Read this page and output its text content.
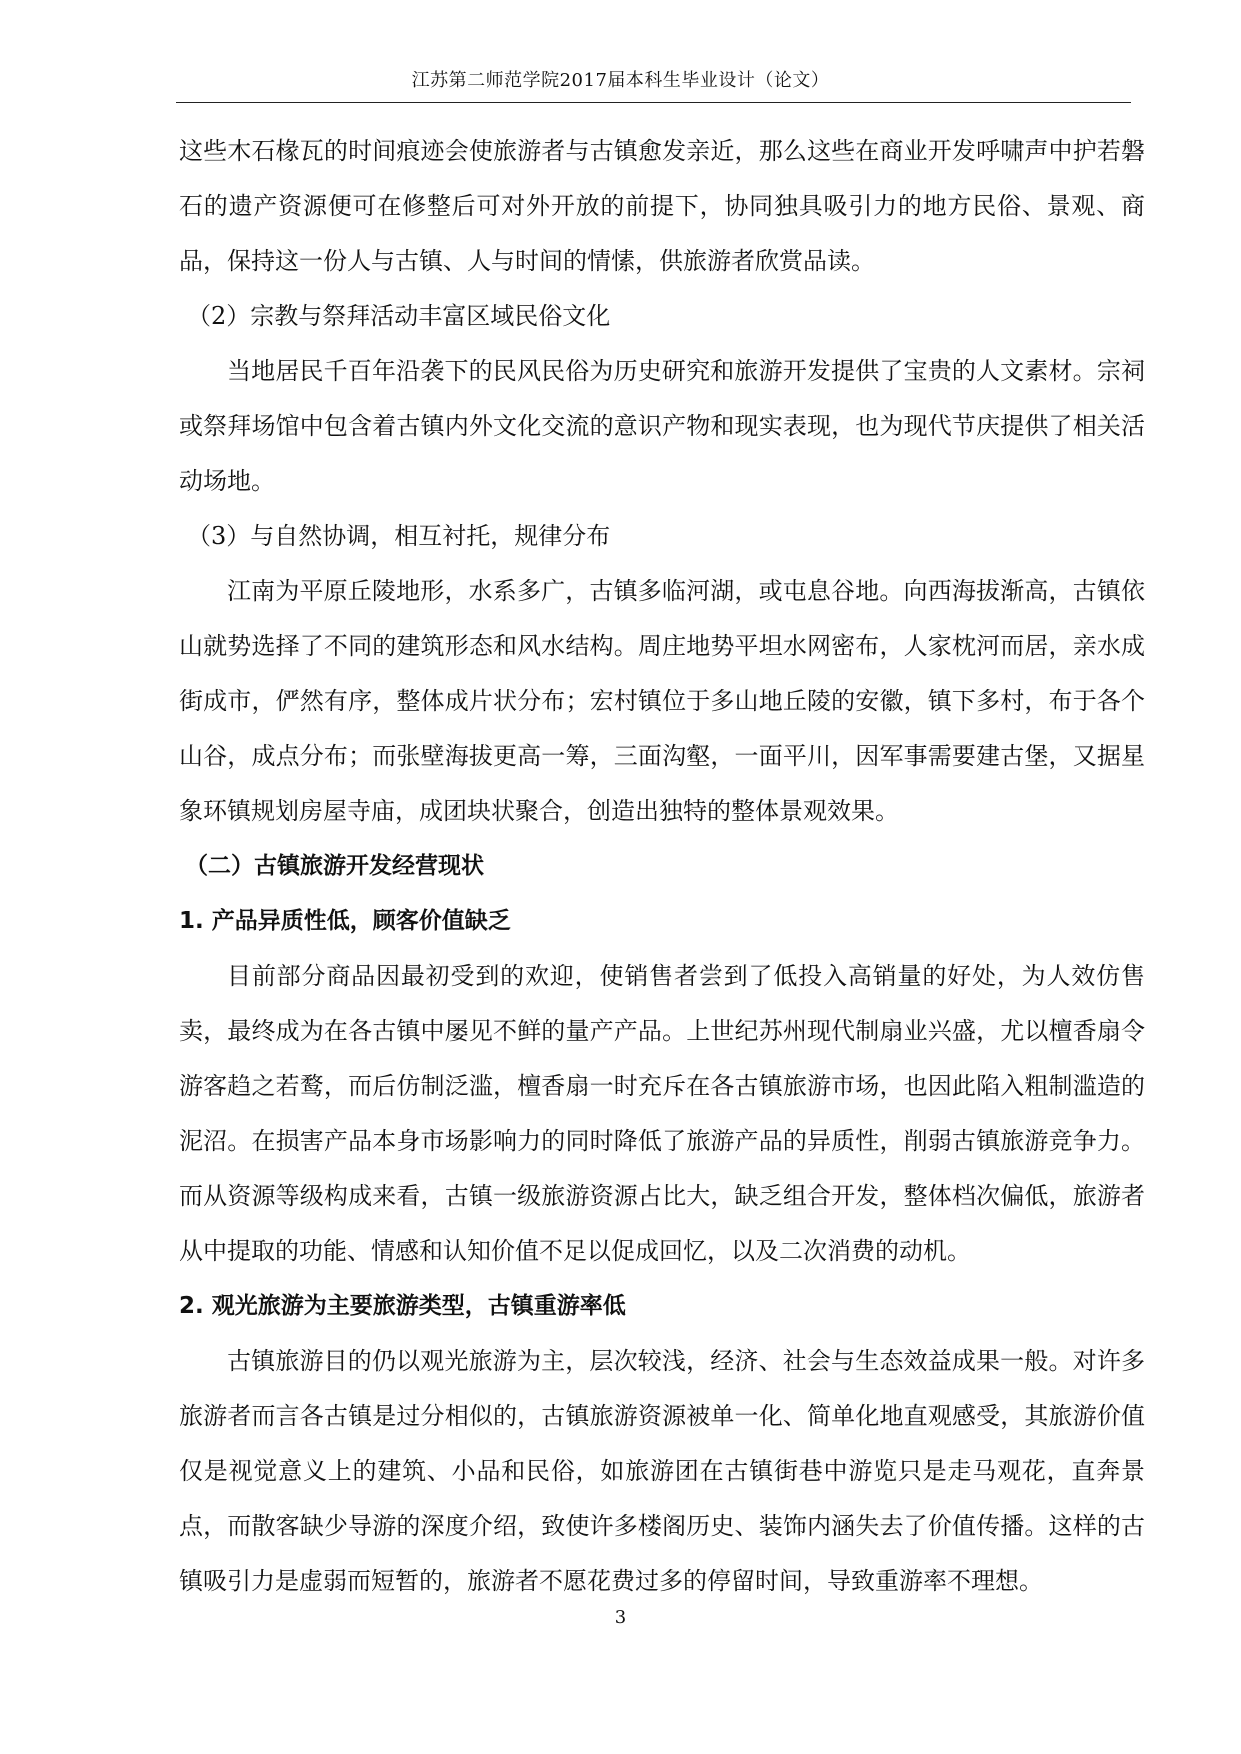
江苏第二师范学院2017届本科生毕业设计（论文）

这些木石椽瓦的时间痕迹会使旅游者与古镇愈发亲近，那么这些在商业开发呼啸声中护若磐石的遗产资源便可在修整后可对外开放的前提下，协同独具吸引力的地方民俗、景观、商品，保持这一份人与古镇、人与时间的情愫，供旅游者欣赏品读。

（2）宗教与祭拜活动丰富区域民俗文化

当地居民千百年沿袭下的民风民俗为历史研究和旅游开发提供了宝贵的人文素材。宗祠或祭拜场馆中包含着古镇内外文化交流的意识产物和现实表现，也为现代节庆提供了相关活动场地。

（3）与自然协调，相互衬托，规律分布

江南为平原丘陵地形，水系多广，古镇多临河湖，或屯息谷地。向西海拔渐高，古镇依山就势选择了不同的建筑形态和风水结构。周庄地势平坦水网密布，人家枕河而居，亲水成街成市，俨然有序，整体成片状分布；宏村镇位于多山地丘陵的安徽，镇下多村，布于各个山谷，成点分布；而张壁海拔更高一筹，三面沟壑，一面平川，因军事需要建古堡，又据星象环镇规划房屋寺庙，成团块状聚合，创造出独特的整体景观效果。

（二）古镇旅游开发经营现状

1. 产品异质性低，顾客价值缺乏

目前部分商品因最初受到的欢迎，使销售者尝到了低投入高销量的好处，为人效仿售卖，最终成为在各古镇中屡见不鲜的量产产品。上世纪苏州现代制扇业兴盛，尤以檀香扇令游客趋之若鹜，而后仿制泛滥，檀香扇一时充斥在各古镇旅游市场，也因此陷入粗制滥造的泥沼。在损害产品本身市场影响力的同时降低了旅游产品的异质性，削弱古镇旅游竞争力。而从资源等级构成来看，古镇一级旅游资源占比大，缺乏组合开发，整体档次偏低，旅游者从中提取的功能、情感和认知价值不足以促成回忆，以及二次消费的动机。

2. 观光旅游为主要旅游类型，古镇重游率低

古镇旅游目的仍以观光旅游为主，层次较浅，经济、社会与生态效益成果一般。对许多旅游者而言各古镇是过分相似的，古镇旅游资源被单一化、简单化地直观感受，其旅游价值仅是视觉意义上的建筑、小品和民俗，如旅游团在古镇街巷中游览只是走马观花，直奔景点，而散客缺少导游的深度介绍，致使许多楼阁历史、装饰内涵失去了价值传播。这样的古镇吸引力是虚弱而短暂的，旅游者不愿花费过多的停留时间，导致重游率不理想。

3
